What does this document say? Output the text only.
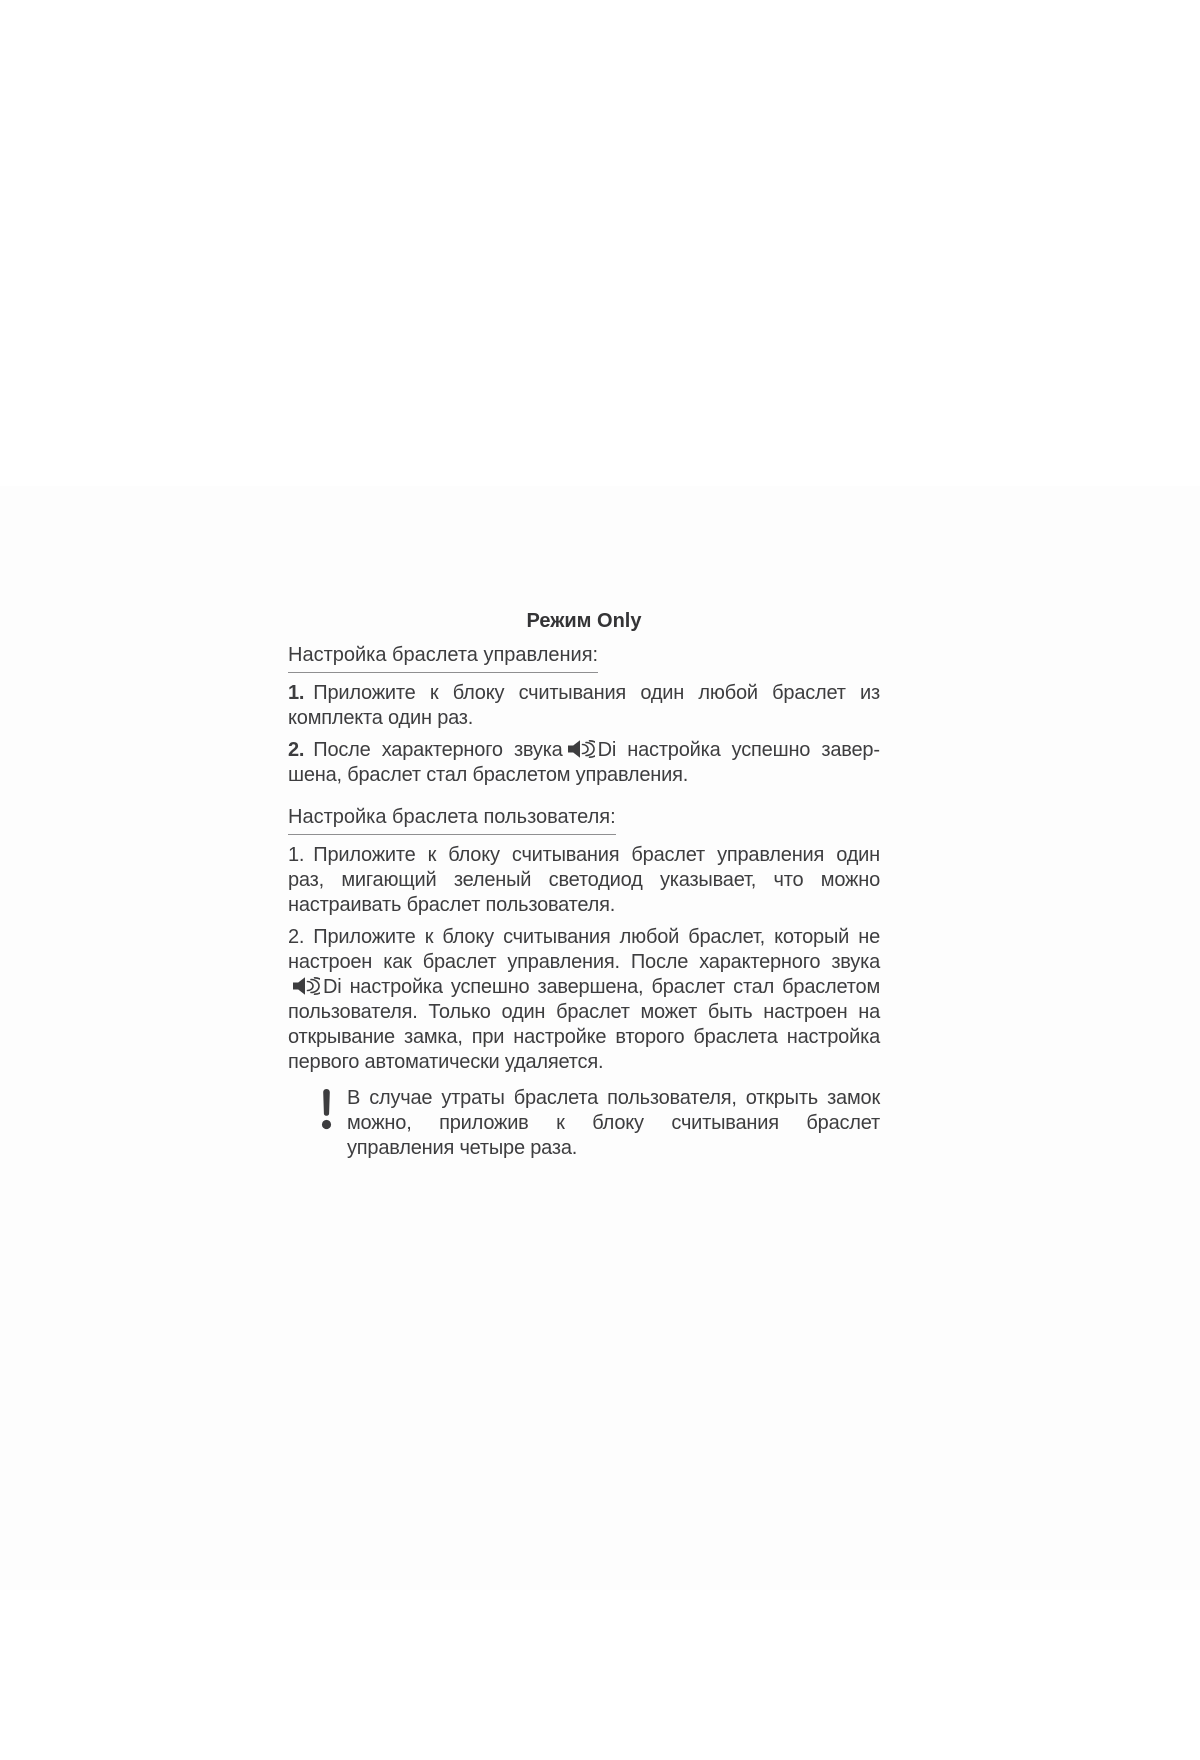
Режим Only
Настройка браслета управления:

1. Приложите к блоку считывания один любой браслет из комплекта один раз.

2. После характерного звука Di настройка успешно завершена, браслет стал браслетом управления.

Настройка браслета пользователя:

1. Приложите к блоку считывания браслет управления один раз, мигающий зеленый светодиод указывает, что можно настраивать браслет пользователя.

2. Приложите к блоку считывания любой браслет, который не настроен как браслет управления. После характерного звукаDi настройка успешно завершена, браслет стал браслетом пользователя. Только один браслет может быть настроен на открывание замка, при настройке второго браслета настройка первого автоматически удаляется.

В случае утраты браслета пользователя, открыть замок можно, приложив к блоку считывания браслет управления четыре раза.
